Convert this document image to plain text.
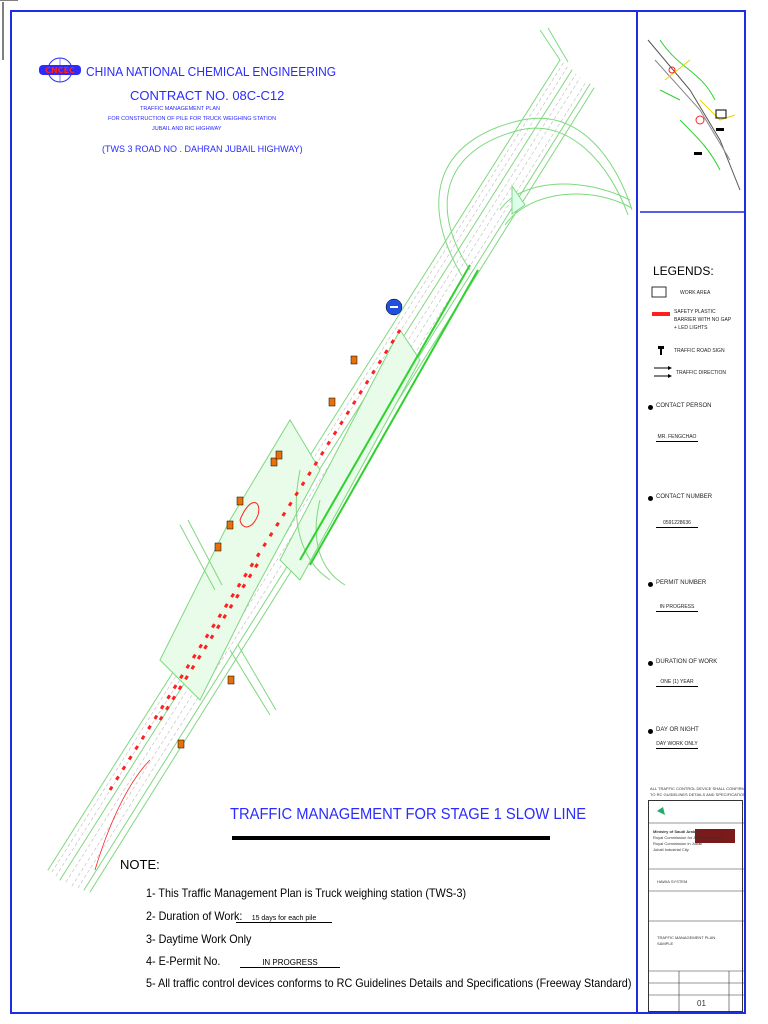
CNCEC CHINA NATIONAL CHEMICAL ENGINEERING
CONTRACT NO. 08C-C12
TRAFFIC MANAGEMENT PLAN
FOR CONSTRUCTION OF PILE FOR TRUCK WEIGHING STATION
JUBAIL AND RIC HIGHWAY
(TWS 3 ROAD NO . DAHRAN JUBAIL HIGHWAY)
TRAFFIC MANAGEMENT FOR STAGE 1 SLOW LINE
NOTE:
1- This Traffic Management Plan is Truck weighing station (TWS-3)
2- Duration of Work:	15 days for each pile
3- Daytime Work Only
4- E-Permit No.	IN PROGRESS
5- All traffic control devices conforms to RC Guidelines Details and Specifications (Freeway Standard)
LEGENDS:
WORK AREA
SAFETY PLASTIC
BARRIER WITH NO GAP
+ LED LIGHTS
TRAFFIC ROAD SIGN
TRAFFIC DIRECTION
CONTACT PERSON
MR. FENGCHAO
CONTACT NUMBER
0591228636
PERMIT NUMBER
IN PROGRESS
DURATION OF WORK
ONE (1) YEAR
DAY OR NIGHT
DAY WORK ONLY
ALL TRAFFIC CONTROL DEVICE SHALL CONFIRM
TO RC GUIDELINES DETAILS AND SPECIFICATION
Ministry of Saudi Arabia
Royal Commission for Jubail and Yanbu
Royal Commission in Jubail
Jubail Industrial City
HAWIA SYSTEM
TRAFFIC MANAGEMENT PLAN
SAMPLE
01
